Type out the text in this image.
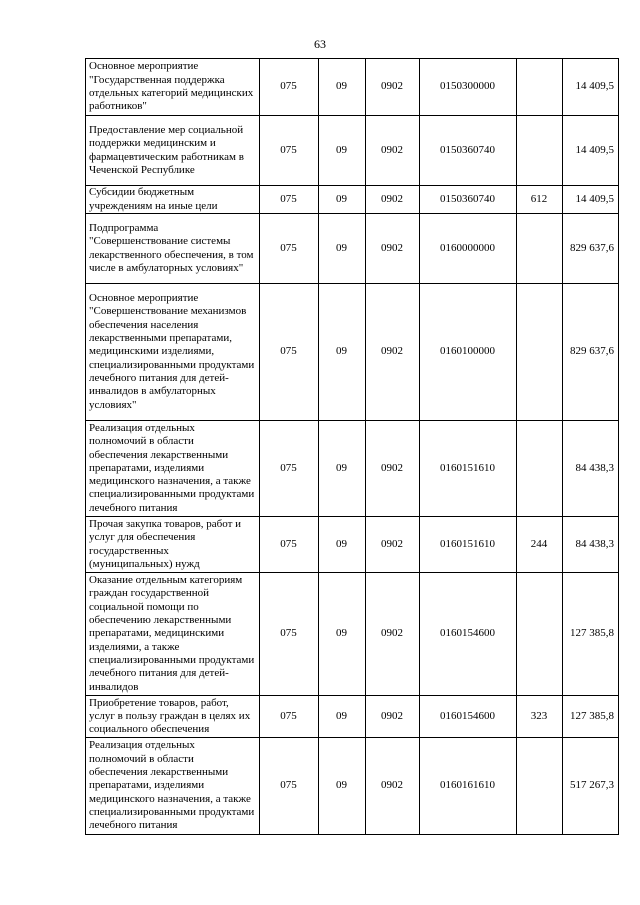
63
Основное мероприятие "Государственная поддержка отдельных категорий медицинских работников"	075	09	0902	0150300000		14 409,5
Предоставление мер социальной поддержки медицинским и фармацевтическим работникам в Чеченской Республике	075	09	0902	0150360740		14 409,5
Субсидии бюджетным учреждениям на иные цели	075	09	0902	0150360740	612	14 409,5
Подпрограмма "Совершенствование системы лекарственного обеспечения, в том числе в амбулаторных условиях"	075	09	0902	0160000000		829 637,6
Основное мероприятие "Совершенствование механизмов обеспечения населения лекарственными препаратами, медицинскими изделиями, специализированными продуктами лечебного питания для детей-инвалидов в амбулаторных условиях"	075	09	0902	0160100000		829 637,6
Реализация отдельных полномочий в области обеспечения лекарственными препаратами, изделиями медицинского назначения, а также специализированными продуктами лечебного питания	075	09	0902	0160151610		84 438,3
Прочая закупка товаров, работ и услуг для обеспечения государственных (муниципальных) нужд	075	09	0902	0160151610	244	84 438,3
Оказание отдельным категориям граждан государственной социальной помощи по обеспечению лекарственными препаратами, медицинскими изделиями, а также специализированными продуктами лечебного питания для детей-инвалидов	075	09	0902	0160154600		127 385,8
Приобретение товаров, работ, услуг в пользу граждан в целях их социального обеспечения	075	09	0902	0160154600	323	127 385,8
Реализация отдельных полномочий в области обеспечения лекарственными препаратами, изделиями медицинского назначения, а также специализированными продуктами лечебного питания	075	09	0902	0160161610		517 267,3
